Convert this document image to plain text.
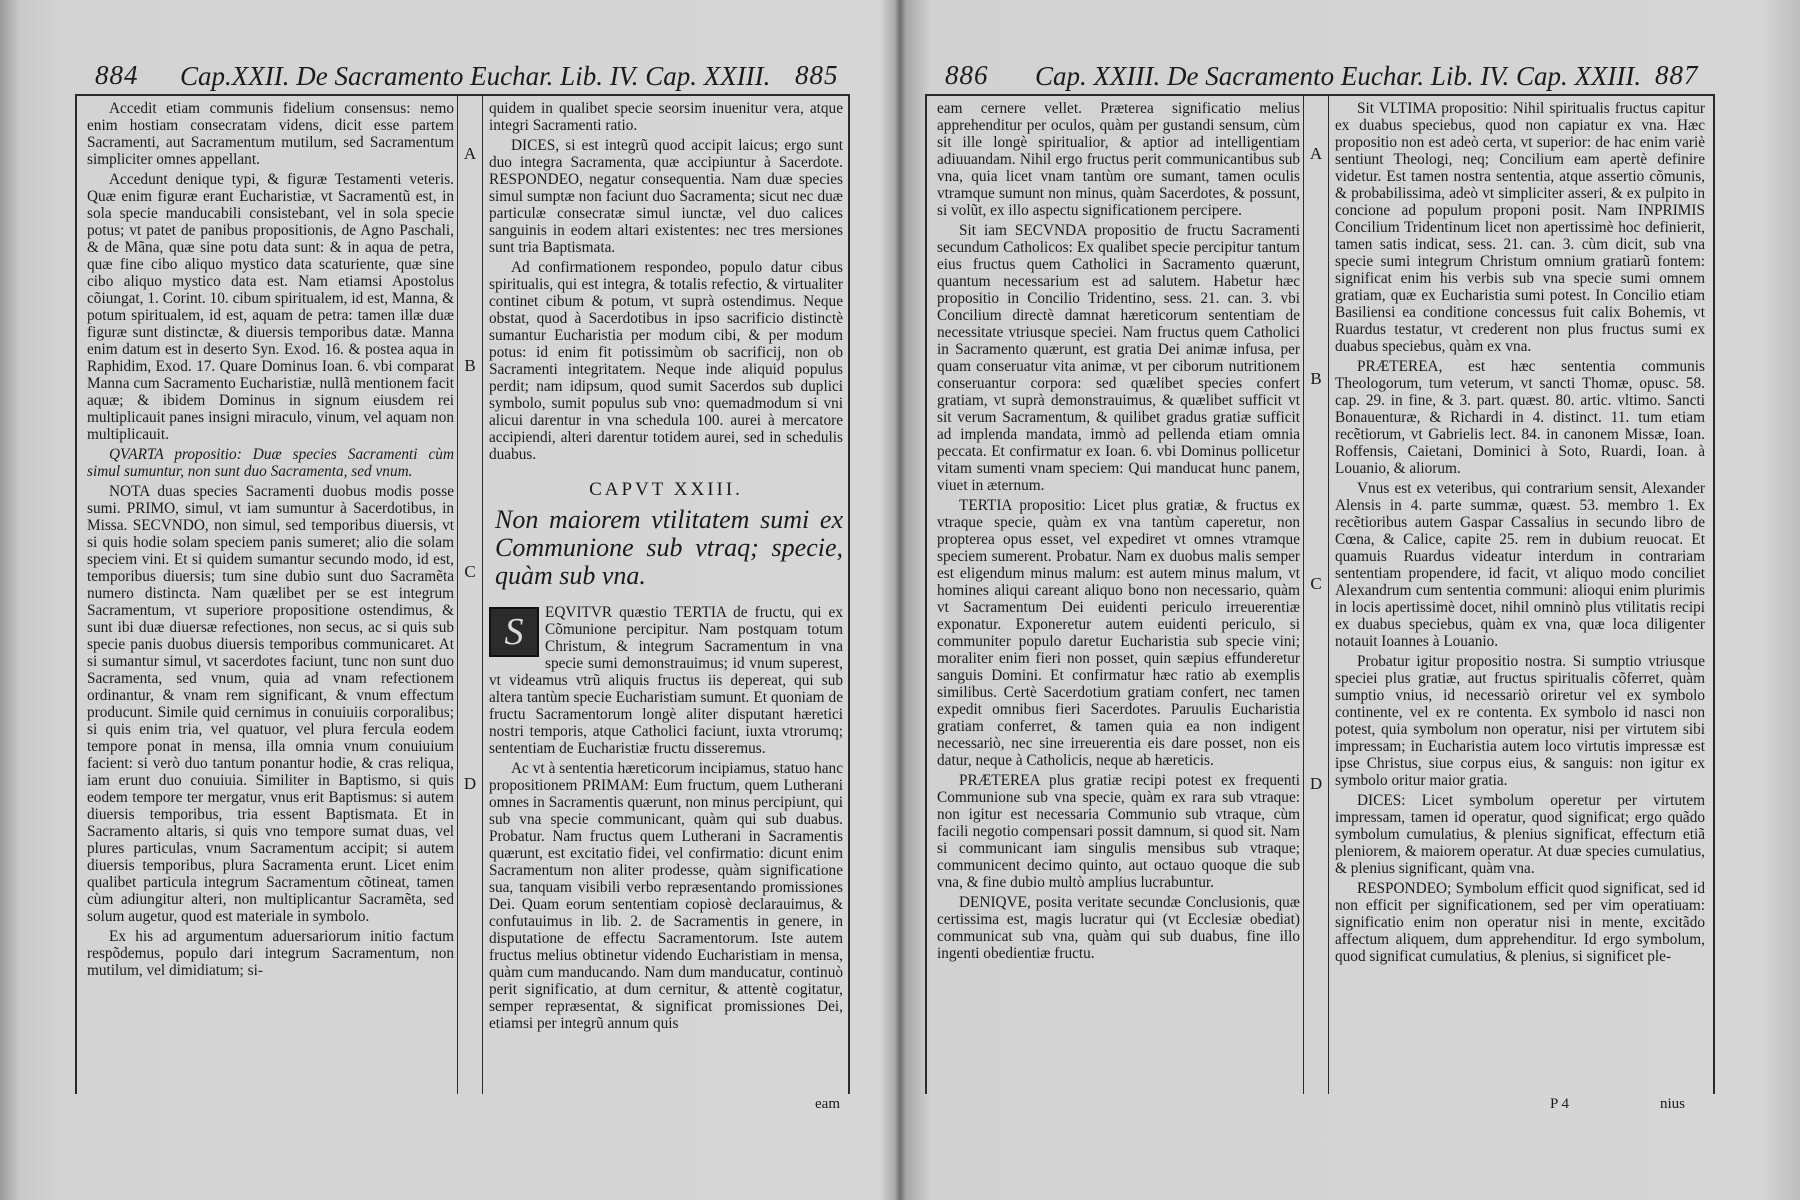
884 Cap.XXII. De Sacramento Euchar. Lib. IV. Cap. XXIII. 885

Accedit etiam communis fidelium consensus: nemo enim hostiam consecratam videns, dicit esse partem Sacramenti, aut Sacramentum mutilum, sed Sacramentum simpliciter omnes appellant.

Accedunt denique typi, & figuræ Testamenti veteris. Quæ enim figuræ erant Eucharistiæ, vt Sacramentũ est, in sola specie manducabili consistebant, vel in sola specie potus; vt patet de panibus propositionis, de Agno Paschali, & de Mãna, quæ sine potu data sunt: & in aqua de petra, quæ fine cibo aliquo mystico data scaturiente, quæ sine cibo aliquo mystico data est. Nam etiamsi Apostolus cõiungat, 1. Corint. 10. cibum spiritualem, id est, Manna, & potum spiritualem, id est, aquam de petra: tamen illæ duæ figuræ sunt distinctæ, & diuersis temporibus datæ. Manna enim datum est in deserto Syn. Exod. 16. & postea aqua in Raphidim, Exod. 17. Quare Dominus Ioan. 6. vbi comparat Manna cum Sacramento Eucharistiæ, nullã mentionem facit aquæ; & ibidem Dominus in signum eiusdem rei multiplicauit panes insigni miraculo, vinum, vel aquam non multiplicauit.

QVARTA propositio: Duæ species Sacramenti cùm simul sumuntur, non sunt duo Sacramenta, sed vnum.

NOTA duas species Sacramenti duobus modis posse sumi. PRIMO, simul, vt iam sumuntur à Sacerdotibus, in Missa. SECVNDO, non simul, sed temporibus diuersis, vt si quis hodie solam speciem panis sumeret; alio die solam speciem vini. Et si quidem sumantur secundo modo, id est, temporibus diuersis; tum sine dubio sunt duo Sacramẽta numero distincta. Nam quælibet per se est integrum Sacramentum, vt superiore propositione ostendimus, & sunt ibi duæ diuersæ refectiones, non secus, ac si quis sub specie panis duobus diuersis temporibus communicaret. At si sumantur simul, vt sacerdotes faciunt, tunc non sunt duo Sacramenta, sed vnum, quia ad vnam refectionem ordinantur, & vnam rem significant, & vnum effectum producunt. Simile quid cernimus in conuiuiis corporalibus; si quis enim tria, vel quatuor, vel plura fercula eodem tempore ponat in mensa, illa omnia vnum conuiuium facient: si verò duo tantum ponantur hodie, & cras reliqua, iam erunt duo conuiuia. Similiter in Baptismo, si quis eodem tempore ter mergatur, vnus erit Baptismus: si autem diuersis temporibus, tria essent Baptismata. Et in Sacramento altaris, si quis vno tempore sumat duas, vel plures particulas, vnum Sacramentum accipit; si autem diuersis temporibus, plura Sacramenta erunt. Licet enim qualibet particula integrum Sacramentum cõtineat, tamen cùm adiungitur alteri, non multiplicantur Sacramẽta, sed solum augetur, quod est materiale in symbolo.

Ex his ad argumentum aduersariorum initio factum respõdemus, populo dari integrum Sacramentum, non mutilum, vel dimidiatum; si-

A
B
C
D

quidem in qualibet specie seorsim inuenitur vera, atque integri Sacramenti ratio.

DICES, si est integrũ quod accipit laicus; ergo sunt duo integra Sacramenta, quæ accipiuntur à Sacerdote. RESPONDEO, negatur consequentia. Nam duæ species simul sumptæ non faciunt duo Sacramenta; sicut nec duæ particulæ consecratæ simul iunctæ, vel duo calices sanguinis in eodem altari existentes: nec tres mersiones sunt tria Baptismata.

Ad confirmationem respondeo, populo datur cibus spiritualis, qui est integra, & totalis refectio, & virtualiter continet cibum & potum, vt suprà ostendimus. Neque obstat, quod à Sacerdotibus in ipso sacrificio distinctè sumantur Eucharistia per modum cibi, & per modum potus: id enim fit potissimùm ob sacrificij, non ob Sacramenti integritatem. Neque inde aliquid populus perdit; nam idipsum, quod sumit Sacerdos sub duplici symbolo, sumit populus sub vno: quemadmodum si vni alicui darentur in vna schedula 100. aurei à mercatore accipiendi, alteri darentur totidem aurei, sed in schedulis duabus.

CAPVT XXIII.
Non maiorem vtilitatem sumi ex Communione sub vtraq; specie, quàm sub vna.

S	EQVITVR quæstio TERTIA de fructu, qui ex Cõmunione percipitur. Nam postquam totum Christum, & integrum Sacramentum in vna specie sumi demonstrauimus; id vnum superest, vt videamus vtrũ aliquis fructus iis depereat, qui sub altera tantùm specie Eucharistiam sumunt. Et quoniam de fructu Sacramentorum longè aliter disputant hæretici nostri temporis, atque Catholici faciunt, iuxta vtrorumq; sententiam de Eucharistiæ fructu disseremus.

Ac vt à sententia hæreticorum incipiamus, statuo hanc propositionem PRIMAM: Eum fructum, quem Lutherani omnes in Sacramentis quærunt, non minus percipiunt, qui sub vna specie communicant, quàm qui sub duabus. Probatur. Nam fructus quem Lutherani in Sacramentis quærunt, est excitatio fidei, vel confirmatio: dicunt enim Sacramentum non aliter prodesse, quàm significatione sua, tanquam visibili verbo repræsentando promissiones Dei. Quam eorum sententiam copiosè declarauimus, & confutauimus in lib. 2. de Sacramentis in genere, in disputatione de effectu Sacramentorum. Iste autem fructus melius obtinetur videndo Eucharistiam in mensa, quàm cum manducando. Nam dum manducatur, continuò perit significatio, at dum cernitur, & attentè cogitatur, semper repræsentat, & significat promissiones Dei, etiamsi per integrũ annum quis

eam
886 Cap. XXIII. De Sacramento Euchar. Lib. IV. Cap. XXIII. 887

eam cernere vellet. Præterea significatio melius apprehenditur per oculos, quàm per gustandi sensum, cùm sit ille longè spiritualior, & aptior ad intelligentiam adiuuandam. Nihil ergo fructus perit communicantibus sub vna, quia licet vnam tantùm ore sumant, tamen oculis vtramque sumunt non minus, quàm Sacerdotes, & possunt, si volũt, ex illo aspectu significationem percipere.

Sit iam SECVNDA propositio de fructu Sacramenti secundum Catholicos: Ex qualibet specie percipitur tantum eius fructus quem Catholici in Sacramento quærunt, quantum necessarium est ad salutem. Habetur hæc propositio in Concilio Tridentino, sess. 21. can. 3. vbi Concilium directè damnat hæreticorum sententiam de necessitate vtriusque speciei. Nam fructus quem Catholici in Sacramento quærunt, est gratia Dei animæ infusa, per quam conseruatur vita animæ, vt per ciborum nutritionem conseruantur corpora: sed quælibet species confert gratiam, vt suprà demonstrauimus, & quælibet sufficit vt sit verum Sacramentum, & quilibet gradus gratiæ sufficit ad implenda mandata, immò ad pellenda etiam omnia peccata. Et confirmatur ex Ioan. 6. vbi Dominus pollicetur vitam sumenti vnam speciem: Qui manducat hunc panem, viuet in æternum.

TERTIA propositio: Licet plus gratiæ, & fructus ex vtraque specie, quàm ex vna tantùm caperetur, non propterea opus esset, vel expediret vt omnes vtramque speciem sumerent. Probatur. Nam ex duobus malis semper est eligendum minus malum: est autem minus malum, vt homines aliqui careant aliquo bono non necessario, quàm vt Sacramentum Dei euidenti periculo irreuerentiæ exponatur. Exponeretur autem euidenti periculo, si communiter populo daretur Eucharistia sub specie vini; moraliter enim fieri non posset, quin sæpius effunderetur sanguis Domini. Et confirmatur hæc ratio ab exemplis similibus. Certè Sacerdotium gratiam confert, nec tamen expedit omnibus fieri Sacerdotes. Paruulis Eucharistia gratiam conferret, & tamen quia ea non indigent necessariò, nec sine irreuerentia eis dare posset, non eis datur, neque à Catholicis, neque ab hæreticis.

PRÆTEREA plus gratiæ recipi potest ex frequenti Communione sub vna specie, quàm ex rara sub vtraque: non igitur est necessaria Communio sub vtraque, cùm facili negotio compensari possit damnum, si quod sit. Nam si communicant iam singulis mensibus sub vtraque; communicent decimo quinto, aut octauo quoque die sub vna, & fine dubio multò amplius lucrabuntur.

DENIQVE, posita veritate secundæ Conclusionis, quæ certissima est, magis lucratur qui (vt Ecclesiæ obediat) communicat sub vna, quàm qui sub duabus, fine illo ingenti obedientiæ fructu.

A
B
C
D

Sit VLTIMA propositio: Nihil spiritualis fructus capitur ex duabus speciebus, quod non capiatur ex vna. Hæc propositio non est adeò certa, vt superior: de hac enim variè sentiunt Theologi, neq; Concilium eam apertè definire videtur. Est tamen nostra sententia, atque assertio cõmunis, & probabilissima, adeò vt simpliciter asseri, & ex pulpito in concione ad populum proponi posit. Nam INPRIMIS Concilium Tridentinum licet non apertissimè hoc definierit, tamen satis indicat, sess. 21. can. 3. cùm dicit, sub vna specie sumi integrum Christum omnium gratiarũ fontem: significat enim his verbis sub vna specie sumi omnem gratiam, quæ ex Eucharistia sumi potest. In Concilio etiam Basiliensi ea conditione concessus fuit calix Bohemis, vt Ruardus testatur, vt crederent non plus fructus sumi ex duabus speciebus, quàm ex vna.

PRÆTEREA, est hæc sententia communis Theologorum, tum veterum, vt sancti Thomæ, opusc. 58. cap. 29. in fine, & 3. part. quæst. 80. artic. vltimo. Sancti Bonauenturæ, & Richardi in 4. distinct. 11. tum etiam recẽtiorum, vt Gabrielis lect. 84. in canonem Missæ, Ioan. Roffensis, Caietani, Dominici à Soto, Ruardi, Ioan. à Louanio, & aliorum.

Vnus est ex veteribus, qui contrarium sensit, Alexander Alensis in 4. parte summæ, quæst. 53. membro 1. Ex recẽtioribus autem Gaspar Cassalius in secundo libro de Cœna, & Calice, capite 25. rem in dubium reuocat. Et quamuis Ruardus videatur interdum in contrariam sententiam propendere, id facit, vt aliquo modo conciliet Alexandrum cum sententia communi: alioqui enim plurimis in locis apertissimè docet, nihil omninò plus vtilitatis recipi ex duabus speciebus, quàm ex vna, quæ loca diligenter notauit Ioannes à Louanio.

Probatur igitur propositio nostra. Si sumptio vtriusque speciei plus gratiæ, aut fructus spiritualis cõferret, quàm sumptio vnius, id necessariò oriretur vel ex symbolo continente, vel ex re contenta. Ex symbolo id nasci non potest, quia symbolum non operatur, nisi per virtutem sibi impressam; in Eucharistia autem loco virtutis impressæ est ipse Christus, siue corpus eius, & sanguis: non igitur ex symbolo oritur maior gratia.

DICES: Licet symbolum operetur per virtutem impressam, tamen id operatur, quod significat; ergo quãdo symbolum cumulatius, & plenius significat, effectum etiã pleniorem, & maiorem operatur. At duæ species cumulatius, & plenius significant, quàm vna.

RESPONDEO; Symbolum efficit quod significat, sed id non efficit per significationem, sed per vim operatiuam: significatio enim non operatur nisi in mente, excitãdo affectum aliquem, dum apprehenditur. Id ergo symbolum, quod significat cumulatius, & plenius, si significet ple-

P 4	nius
